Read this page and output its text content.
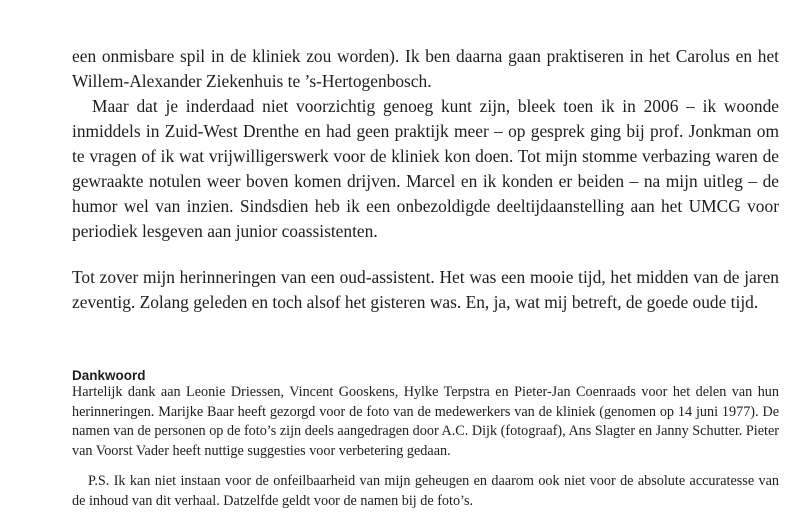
een onmisbare spil in de kliniek zou worden). Ik ben daarna gaan praktiseren in het Carolus en het Willem-Alexander Ziekenhuis te ’s-Hertogenbosch.

Maar dat je inderdaad niet voorzichtig genoeg kunt zijn, bleek toen ik in 2006 – ik woonde inmiddels in Zuid-West Drenthe en had geen praktijk meer – op gesprek ging bij prof. Jonkman om te vragen of ik wat vrijwilligerswerk voor de kliniek kon doen. Tot mijn stomme verbazing waren de gewraakte notulen weer boven komen drijven. Marcel en ik konden er beiden – na mijn uitleg – de humor wel van inzien. Sindsdien heb ik een onbezoldigde deeltijdaanstelling aan het UMCG voor periodiek lesgeven aan junior coassistenten.

Tot zover mijn herinneringen van een oud-assistent. Het was een mooie tijd, het midden van de jaren zeventig. Zolang geleden en toch alsof het gisteren was. En, ja, wat mij betreft, de goede oude tijd.

Dankwoord

Hartelijk dank aan Leonie Driessen, Vincent Gooskens, Hylke Terpstra en Pieter-Jan Coenraads voor het delen van hun herinneringen. Marijke Baar heeft gezorgd voor de foto van de medewerkers van de kliniek (genomen op 14 juni 1977). De namen van de personen op de foto’s zijn deels aangedragen door A.C. Dijk (fotograaf), Ans Slagter en Janny Schutter. Pieter van Voorst Vader heeft nuttige suggesties voor verbetering gedaan.

P.S. Ik kan niet instaan voor de onfeilbaarheid van mijn geheugen en daarom ook niet voor de absolute accuratesse van de inhoud van dit verhaal. Datzelfde geldt voor de namen bij de foto’s.
